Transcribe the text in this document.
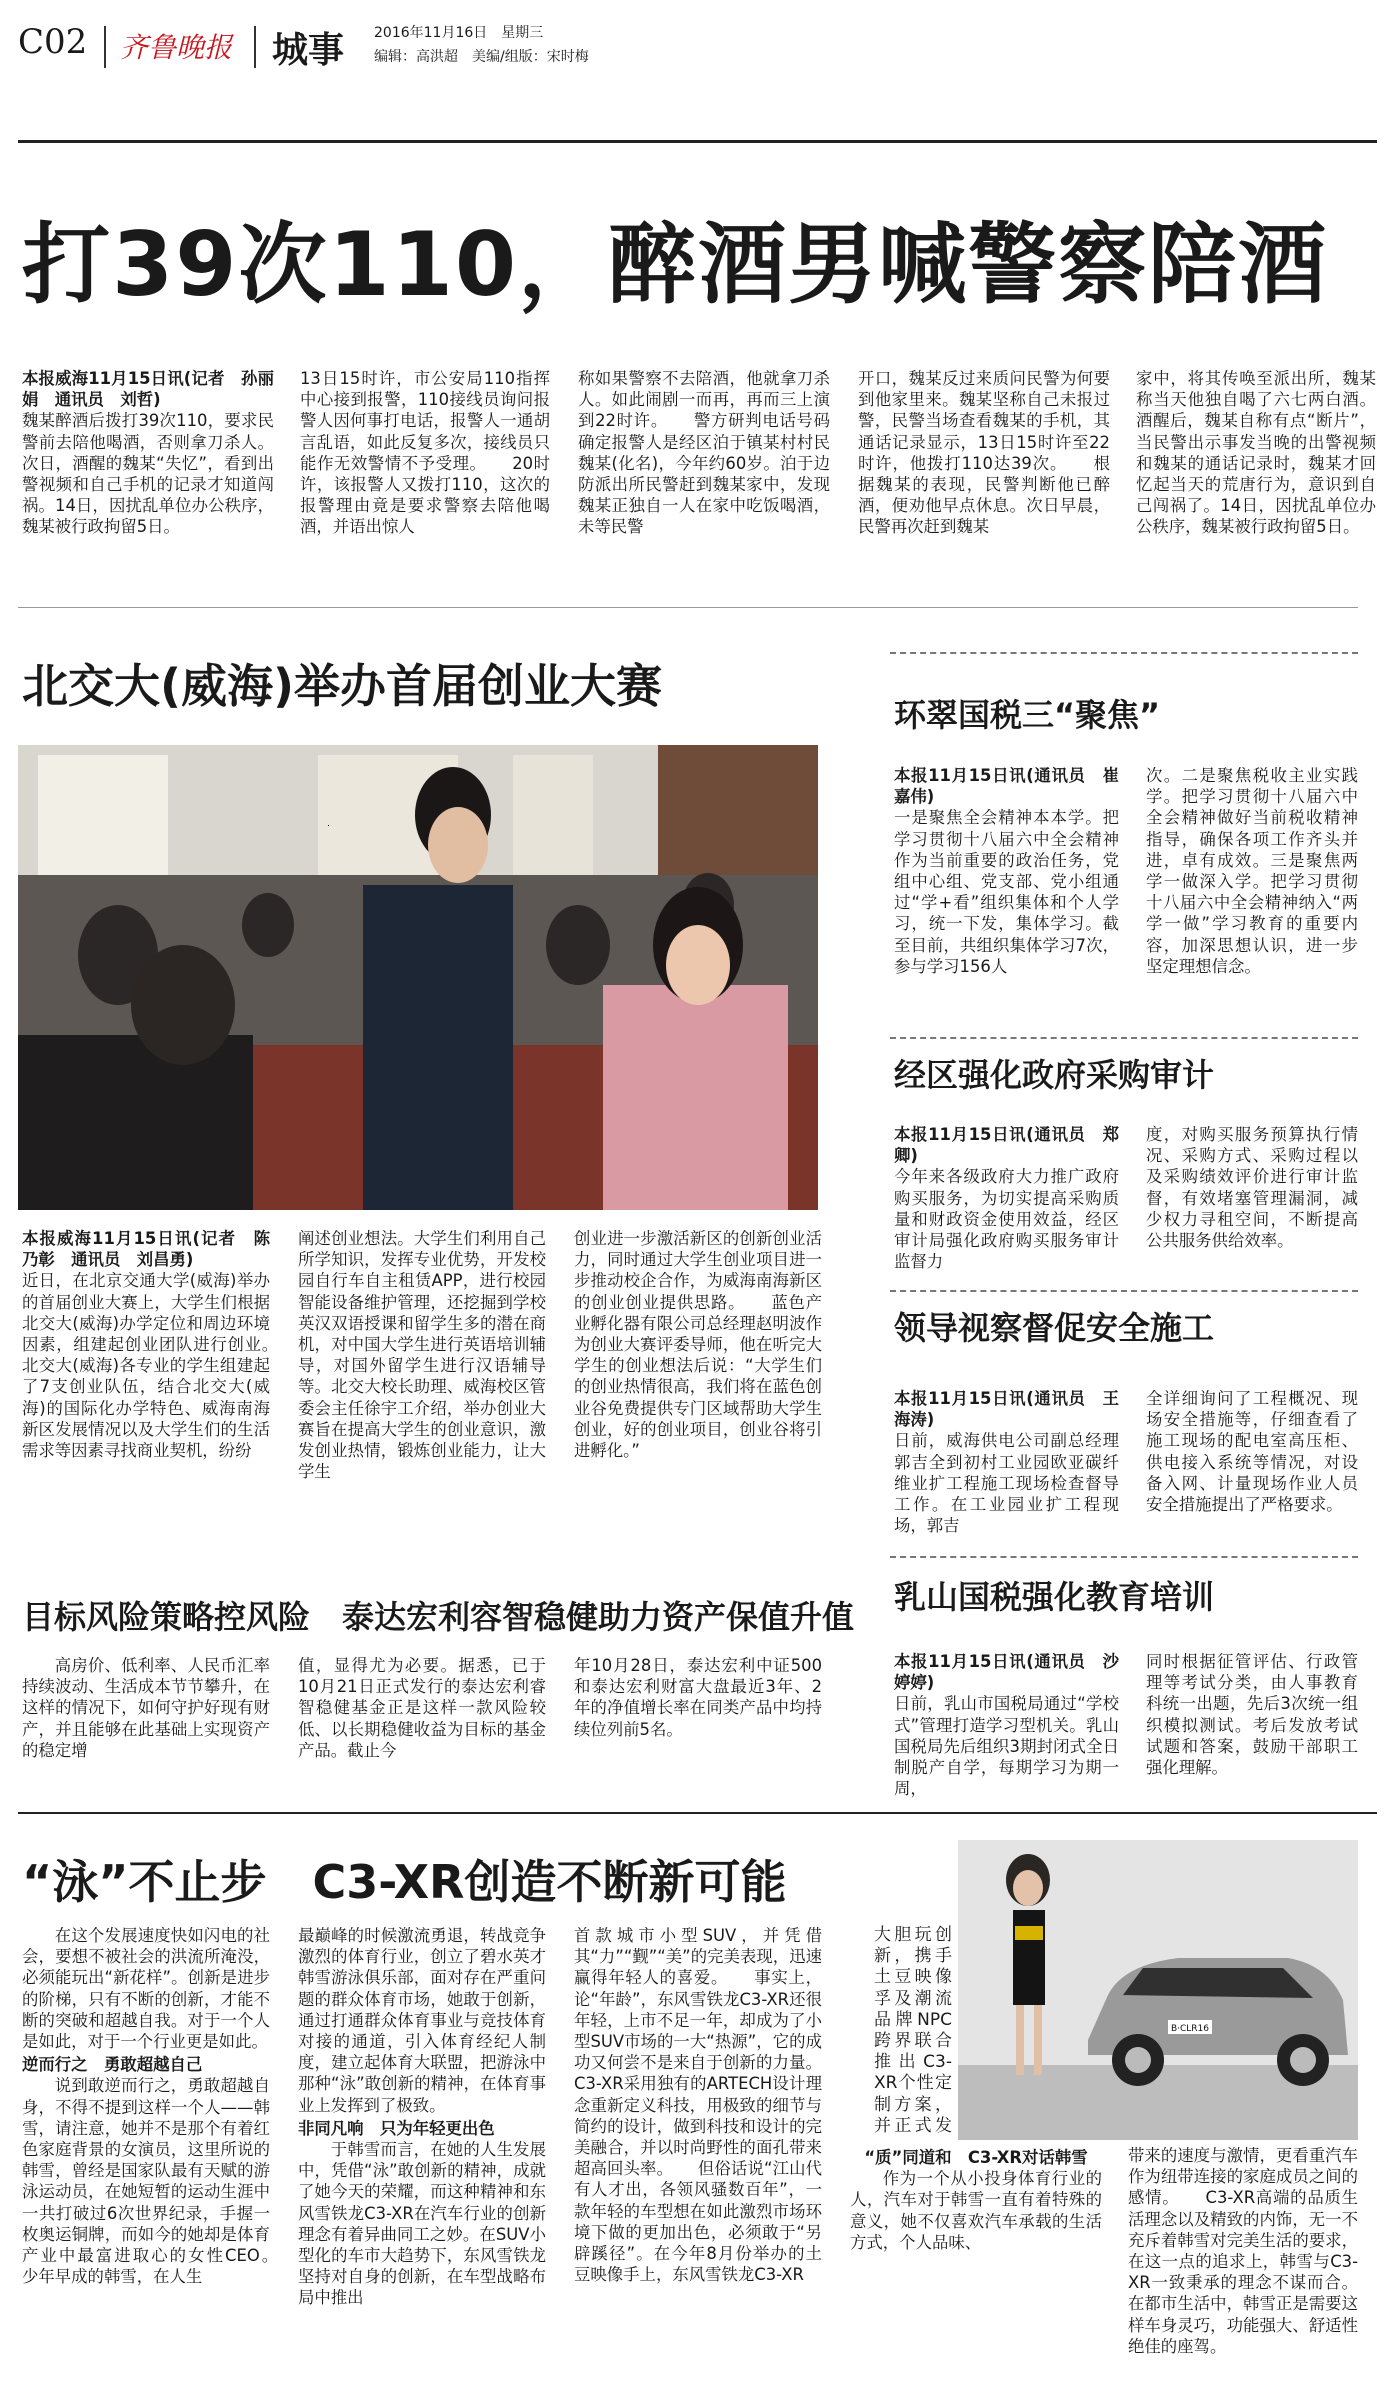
C02 齐鲁晚报 城事 2016年11月16日　星期三
编辑：高洪超　美编/组版：宋时梅
打39次110，醉酒男喊警察陪酒
本报威海11月15日讯(记者　孙丽娟　通讯员　刘哲)
魏某醉酒后拨打39次110，要求民警前去陪他喝酒，否则拿刀杀人。次日，酒醒的魏某“失忆”，看到出警视频和自己手机的记录才知道闯祸。14日，因扰乱单位办公秩序，魏某被行政拘留5日。
13日15时许，市公安局110指挥中心接到报警，110接线员询问报警人因何事打电话，报警人一通胡言乱语，如此反复多次，接线员只能作无效警情不予受理。　　20时许，该报警人又拨打110，这次的报警理由竟是要求警察去陪他喝酒，并语出惊人
称如果警察不去陪酒，他就拿刀杀人。如此闹剧一而再，再而三上演到22时许。　　警方研判电话号码确定报警人是经区泊于镇某村村民魏某(化名)，今年约60岁。泊于边防派出所民警赶到魏某家中，发现魏某正独自一人在家中吃饭喝酒，未等民警
开口，魏某反过来质问民警为何要到他家里来。魏某坚称自己未报过警，民警当场查看魏某的手机，其通话记录显示，13日15时许至22时许，他拨打110达39次。　　根据魏某的表现，民警判断他已醉酒，便劝他早点休息。次日早晨，民警再次赶到魏某
家中，将其传唤至派出所，魏某称当天他独自喝了六七两白酒。酒醒后，魏某自称有点“断片”，当民警出示事发当晚的出警视频和魏某的通话记录时，魏某才回忆起当天的荒唐行为，意识到自己闯祸了。14日，因扰乱单位办公秩序，魏某被行政拘留5日。
北交大(威海)举办首届创业大赛
本报威海11月15日讯(记者　陈乃彰　通讯员　刘昌勇)
近日，在北京交通大学(威海)举办的首届创业大赛上，大学生们根据北交大(威海)办学定位和周边环境因素，组建起创业团队进行创业。　　北交大(威海)各专业的学生组建起了7支创业队伍，结合北交大(威海)的国际化办学特色、威海南海新区发展情况以及大学生们的生活需求等因素寻找商业契机，纷纷
阐述创业想法。大学生们利用自己所学知识，发挥专业优势，开发校园自行车自主租赁APP，进行校园智能设备维护管理，还挖掘到学校英汉双语授课和留学生多的潜在商机，对中国大学生进行英语培训辅导，对国外留学生进行汉语辅导等。北交大校长助理、威海校区管委会主任徐宇工介绍，举办创业大赛旨在提高大学生的创业意识，激发创业热情，锻炼创业能力，让大学生
创业进一步激活新区的创新创业活力，同时通过大学生创业项目进一步推动校企合作，为威海南海新区的创业创业提供思路。　　蓝色产业孵化器有限公司总经理赵明波作为创业大赛评委导师，他在听完大学生的创业想法后说：“大学生们的创业热情很高，我们将在蓝色创业谷免费提供专门区域帮助大学生创业，好的创业项目，创业谷将引进孵化。”
目标风险策略控风险　泰达宏利容智稳健助力资产保值升值
高房价、低利率、人民币汇率持续波动、生活成本节节攀升，在这样的情况下，如何守护好现有财产，并且能够在此基础上实现资产的稳定增
值，显得尤为必要。据悉，已于10月21日正式发行的泰达宏利睿智稳健基金正是这样一款风险较低、以长期稳健收益为目标的基金产品。截止今
年10月28日，泰达宏利中证500和泰达宏利财富大盘最近3年、2年的净值增长率在同类产品中均持续位列前5名。
环翠国税三“聚焦”
本报11月15日讯(通讯员　崔嘉伟)
一是聚焦全会精神本本学。把学习贯彻十八届六中全会精神作为当前重要的政治任务，党组中心组、党支部、党小组通过“学+看”组织集体和个人学习，统一下发，集体学习。截至目前，共组织集体学习7次，参与学习156人
次。二是聚焦税收主业实践学。把学习贯彻十八届六中全会精神做好当前税收精神指导，确保各项工作齐头并进，卓有成效。三是聚焦两学一做深入学。把学习贯彻十八届六中全会精神纳入“两学一做”学习教育的重要内容，加深思想认识，进一步坚定理想信念。
经区强化政府采购审计
本报11月15日讯(通讯员　郑卿)
今年来各级政府大力推广政府购买服务，为切实提高采购质量和财政资金使用效益，经区审计局强化政府购买服务审计监督力
度，对购买服务预算执行情况、采购方式、采购过程以及采购绩效评价进行审计监督，有效堵塞管理漏洞，减少权力寻租空间，不断提高公共服务供给效率。
领导视察督促安全施工
本报11月15日讯(通讯员　王海涛)
日前，威海供电公司副总经理郭吉全到初村工业园欧亚碳纤维业扩工程施工现场检查督导工作。在工业园业扩工程现场，郭吉
全详细询问了工程概况、现场安全措施等，仔细查看了施工现场的配电室高压柜、供电接入系统等情况，对设备入网、计量现场作业人员安全措施提出了严格要求。
乳山国税强化教育培训
本报11月15日讯(通讯员　沙婷婷)
日前，乳山市国税局通过“学校式”管理打造学习型机关。乳山国税局先后组织3期封闭式全日制脱产自学，每期学习为期一周，
同时根据征管评估、行政管理等考试分类，由人事教育科统一出题，先后3次统一组织模拟测试。考后发放考试试题和答案，鼓励干部职工强化理解。
“泳”不止步　C3-XR创造不断新可能
B·CLR16
在这个发展速度快如闪电的社会，要想不被社会的洪流所淹没，必须能玩出“新花样”。创新是进步的阶梯，只有不断的创新，才能不断的突破和超越自我。对于一个人是如此，对于一个行业更是如此。
逆而行之　勇敢超越自己
说到敢逆而行之，勇敢超越自身，不得不提到这样一个人——韩雪，请注意，她并不是那个有着红色家庭背景的女演员，这里所说的韩雪，曾经是国家队最有天赋的游泳运动员，在她短暂的运动生涯中一共打破过6次世界纪录，手握一枚奥运铜牌，而如今的她却是体育产业中最富进取心的女性CEO。　　少年早成的韩雪，在人生
最巅峰的时候激流勇退，转战竞争激烈的体育行业，创立了碧水英才韩雪游泳俱乐部，面对存在严重问题的群众体育市场，她敢于创新，通过打通群众体育事业与竞技体育对接的通道，引入体育经纪人制度，建立起体育大联盟，把游泳中那种“泳”敢创新的精神，在体育事业上发挥到了极致。
非同凡响　只为年轻更出色
于韩雪而言，在她的人生发展中，凭借“泳”敢创新的精神，成就了她今天的荣耀，而这种精神和东风雪铁龙C3-XR在汽车行业的创新理念有着异曲同工之妙。在SUV小型化的车市大趋势下，东风雪铁龙坚持对自身的创新，在车型战略布局中推出
首款城市小型SUV，并凭借其“力”“觐”“美”的完美表现，迅速赢得年轻人的喜爱。　　事实上，论“年龄”，东风雪铁龙C3-XR还很年轻，上市不足一年，却成为了小型SUV市场的一大“热源”，它的成功又何尝不是来自于创新的力量。C3-XR采用独有的ARTECH设计理念重新定义科技，用极致的细节与简约的设计，做到科技和设计的完美融合，并以时尚野性的面孔带来超高回头率。　　但俗话说“江山代有人才出，各领风骚数百年”，一款年轻的车型想在如此激烈市场环境下做的更加出色，必须敢于“另辟蹊径”。在今年8月份举办的土豆映像手上，东风雪铁龙C3-XR
大胆玩创新，携手土豆映像孚及潮流品牌NPC跨界联合推出C3-XR个性定制方案，并正式发
“质”同道和　C3-XR对话韩雪
作为一个从小投身体育行业的人，汽车对于韩雪一直有着特殊的意义，她不仅喜欢汽车承载的生活方式，个人品味、
带来的速度与激情，更看重汽车作为纽带连接的家庭成员之间的感情。　　C3-XR高端的品质生活理念以及精致的内饰，无一不充斥着韩雪对完美生活的要求，在这一点的追求上，韩雪与C3-XR一致秉承的理念不谋而合。在都市生活中，韩雪正是需要这样车身灵巧，功能强大、舒适性绝佳的座驾。
